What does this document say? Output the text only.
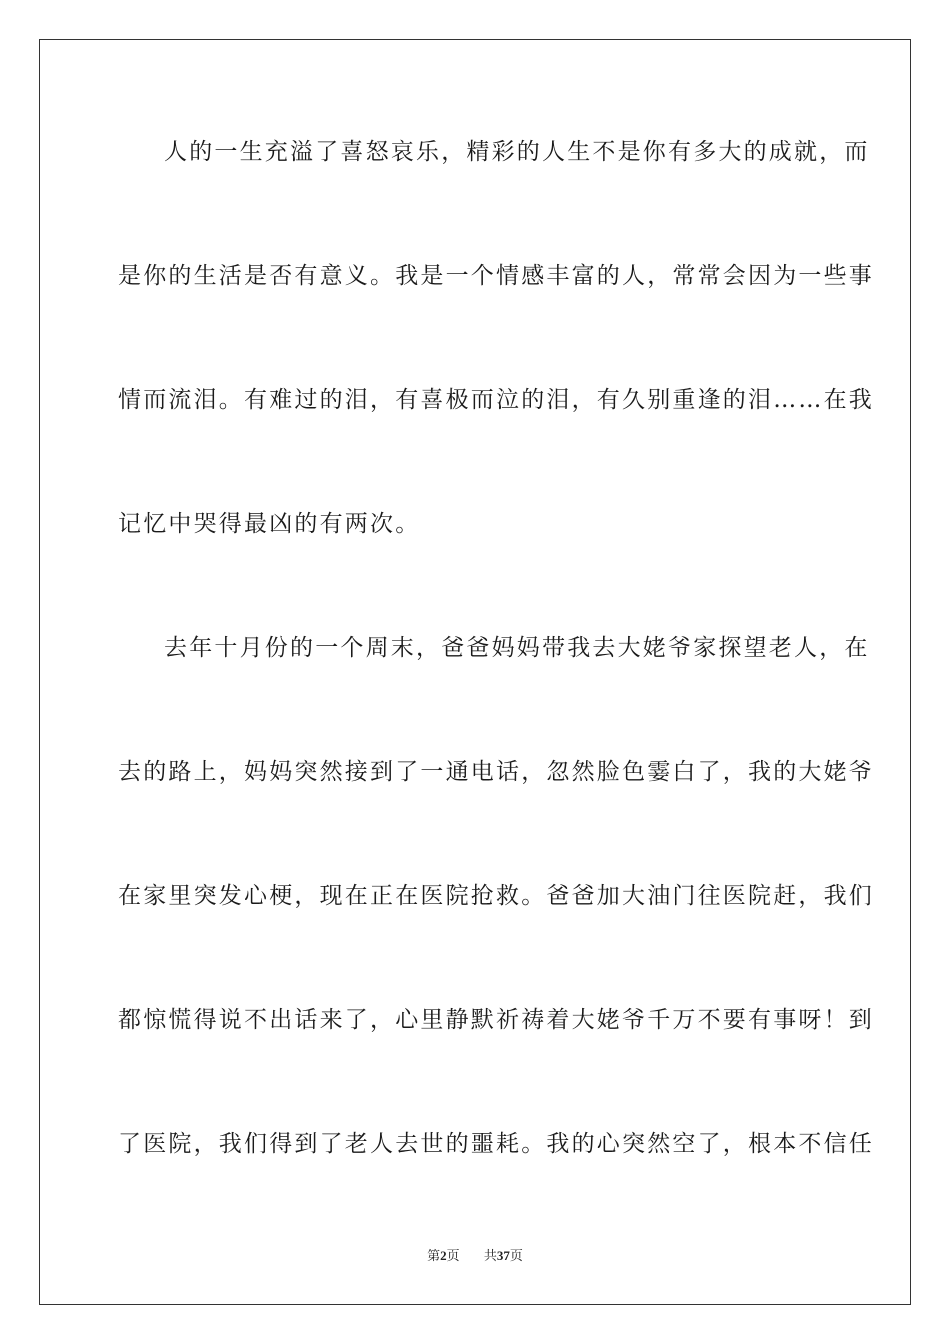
人的一生充溢了喜怒哀乐，精彩的人生不是你有多大的成就，而
是你的生活是否有意义。我是一个情感丰富的人，常常会因为一些事
情而流泪。有难过的泪，有喜极而泣的泪，有久别重逢的泪……在我
记忆中哭得最凶的有两次。
去年十月份的一个周末，爸爸妈妈带我去大姥爷家探望老人，在
去的路上，妈妈突然接到了一通电话，忽然脸色霎白了，我的大姥爷
在家里突发心梗，现在正在医院抢救。爸爸加大油门往医院赶，我们
都惊慌得说不出话来了，心里静默祈祷着大姥爷千万不要有事呀！到
了医院，我们得到了老人去世的噩耗。我的心突然空了，根本不信任
第2页 共37页
